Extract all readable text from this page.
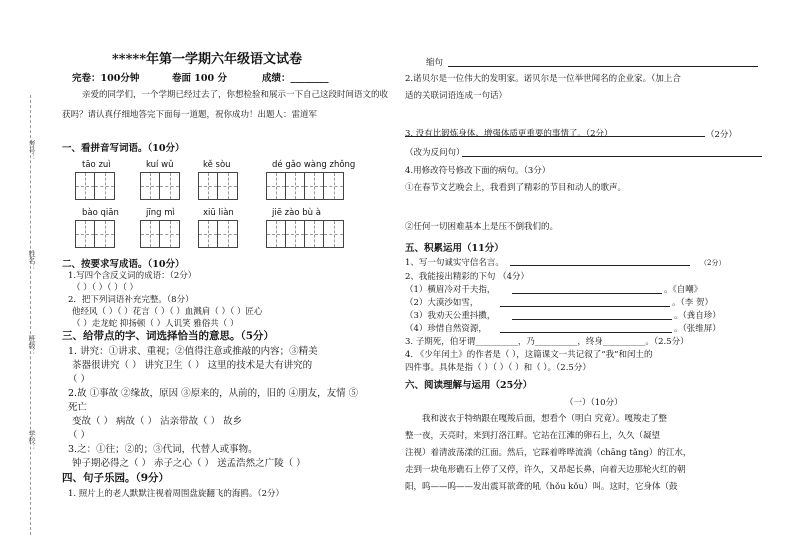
考号：
姓名：
班级：
学校：
*****年第一学期六年级语文试卷
完卷：100分钟	卷面 100 分	成绩：________
亲爱的同学们，一个学期已经过去了，你想检验和展示一下自己这段时间语文的收
获吗？请认真仔细地答完下面每一道题，祝你成功！出题人：雷道军
一、看拼音写词语。（10分）
tāo zuì	kuí wǔ	kě sòu	dé gǎo wàng zhǒng
bào qiān	jīng mì	xiū liàn	jiē zào bù à
二、按要求写成语。（10分）
1.写四个含反义词的成语：（2分）
（ ）（ ）（ ）（ ）
2．把下列词语补充完整。（8分）
他经风（ ）（ ）花言（ ）（ ）血溅肩（ ）（ ）匠心
（ ）走龙蛇 抑扬顿（ ）人讥笑 雅俗共（ ）
三、给带点的字、词选择恰当的意思。（5分）
1. 讲究：①讲求、重视；②值得注意或推敲的内容；③精美
茶器很讲究（ ） 讲究卫生（ ） 这里的技术是大有讲究的
（ ）
2.故 ①事故 ②缘故，原因 ③原来的，从前的，旧的 ④朋友，友情 ⑤
死亡
变故（ ） 病故（ ） 沾亲带故（ ） 故乡
（ ）
3.之：①往；②的；③代词，代替人或事物。
钟子期必得之（ ） 赤子之心（ ） 送孟浩然之广陵（ ）
四、句子乐园。（9分）
1. 照片上的老人默默注视着周围盘旋翻飞的海鸥。（2分）
缩句
2.诺贝尔是一位伟大的发明家。诺贝尔是一位举世闻名的企业家。（加上合
适的关联词语连成一句话）
（2分）
3. 没有比锻炼身体、增强体质更重要的事情了。（2分）
（改为反问句）
4.用修改符号修改下面的病句。（3分）
①在春节文艺晚会上，我看到了精彩的节目和动人的歌声。
②任何一切困难基本上是压不倒我们的。
五、积累运用（11分）
1、写一句诚实守信名言。	（2分）
2、我能接出精彩的下句 （4分）
（1）横眉冷对千夫指，	。《自嘲》
（2）大漠沙如雪，	。（李 贺）
（3）我劝天公重抖擞，	。（龚自珍）
（4）珍惜自然资源，	。（张维屏）
3. 子期死，伯牙谓__________，乃__________，终身__________。（2.5分）
4. 《少年闰土》的作者是（ ），这篇课文一共记叙了“我”和闰土的
四件事。具体是指（ ）（ ）（ ）和（ ）。（2.5分）
六、阅读理解与运用（25分）
（一）（10分）
我和波衣于特纳跟在嘎羧后面，想看个（明白 究竟）。嘎羧走了整
整一夜，天亮时，来到打洛江畔。它站在江滩的卵石上，久久（凝望
注视）着清波荡漾的江面。然后，它踩着哗哗流淌（chāng tǎng）的江水，
走到一块龟形礁石上停了又停，许久，又昂起长鼻，向着天边那轮火红的朝
阳，呜——呜——发出震耳欲聋的吼（hǒu kǒu）叫。这时，它身体（鼓
